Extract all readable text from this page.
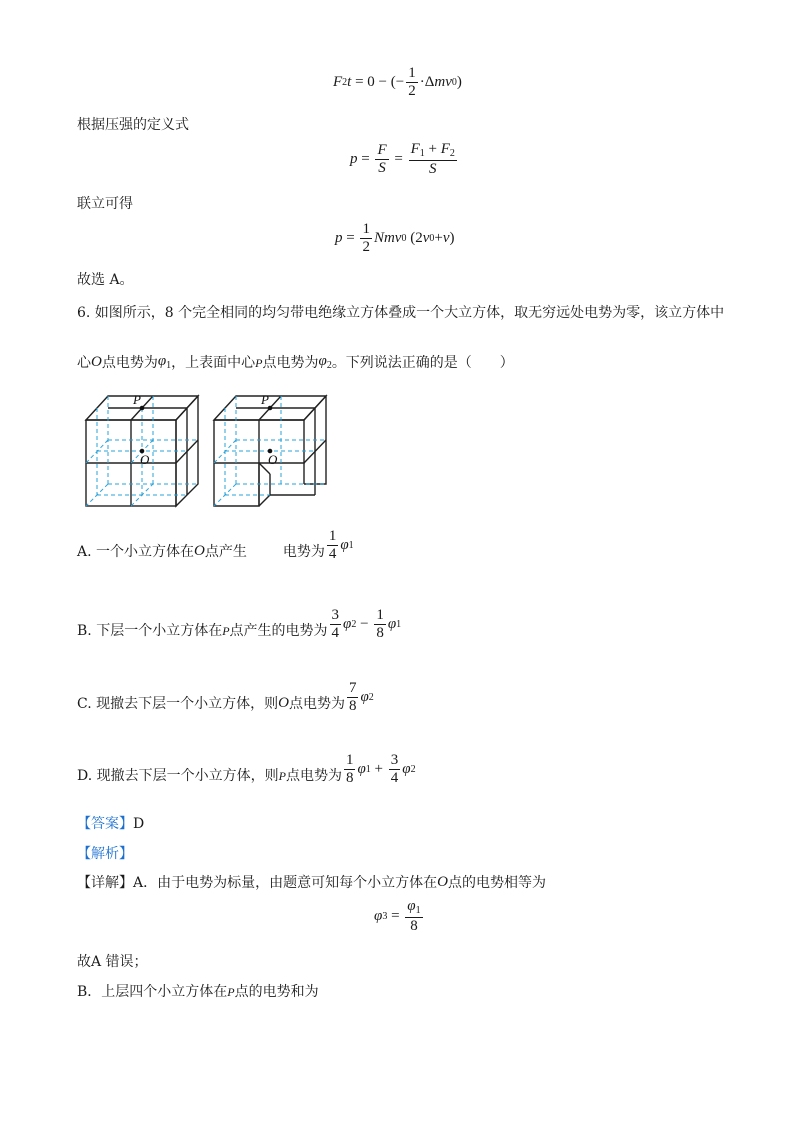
F 2 t = 0 − (− $\frac{1}{2} \cdot\Delta$ mv 0 )
根据压强的定义式
$p = \frac{F}{S} = \frac{F_1 + F_2}{S}$
联立可得
$p = \frac{1}{2}$ Nmv 0 (2 v 0 + v )
故选 A。
6. 如图所示，8 个完全相同的均匀带电绝缘立方体叠成一个大立方体，取无穷远处电势为零，该立方体中
心 O 点电势为 $\varphi_1$ ，上表面中心 P 点电势为 $\varphi_2$ 。下列说法正确的是（　　）
P
O
P
O
A. 一个小立方体在 O 点产生	电势为 $\frac{1}{4}$ φ 1
B. 下层一个小立方体在 P 点产生的电势为 $\frac{3}{4}$ φ $2 - \frac{1}{8}$ φ 1
C. 现撤去下层一个小立方体，则 O 点电势为 $\frac{7}{8}$ φ 2
D. 现撤去下层一个小立方体，则 P 点电势为 $\frac{1}{8}$ φ $1 + \frac{3}{4}$ φ 2
【答案】D
【解析】
【详解】 A．由于电势为标量，由题意可知每个小立方体在 O 点的电势相等为
φ $3 = \frac{\varphi_1}{8}$
故A 错误；
B．上层四个小立方体在 P 点的电势和为
